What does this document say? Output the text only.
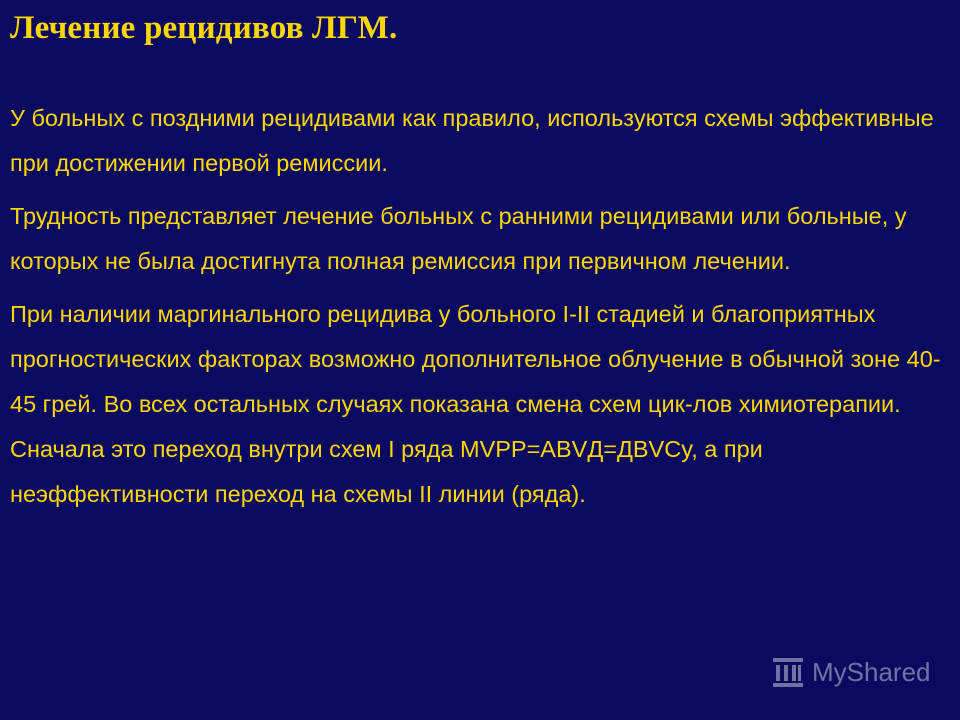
Лечение рецидивов ЛГМ.

У больных с поздними рецидивами как правило, используются схемы эффективные при достижении первой ремиссии.

Трудность представляет лечение больных с ранними рецидивами или больные, у которых не была достигнута полная ремиссия при первичном лечении.

При наличии маргинального рецидива у больного I-II стадией и благоприятных прогностических факторах возможно дополнительное облучение в обычной зоне 40-45 грей. Во всех остальных случаях показана смена схем цик-лов химиотерапии. Сначала это переход внутри схем I ряда MVPP=ABVД=ДBVCy, а при неэффективности переход на схемы II линии (ряда).

MyShared
